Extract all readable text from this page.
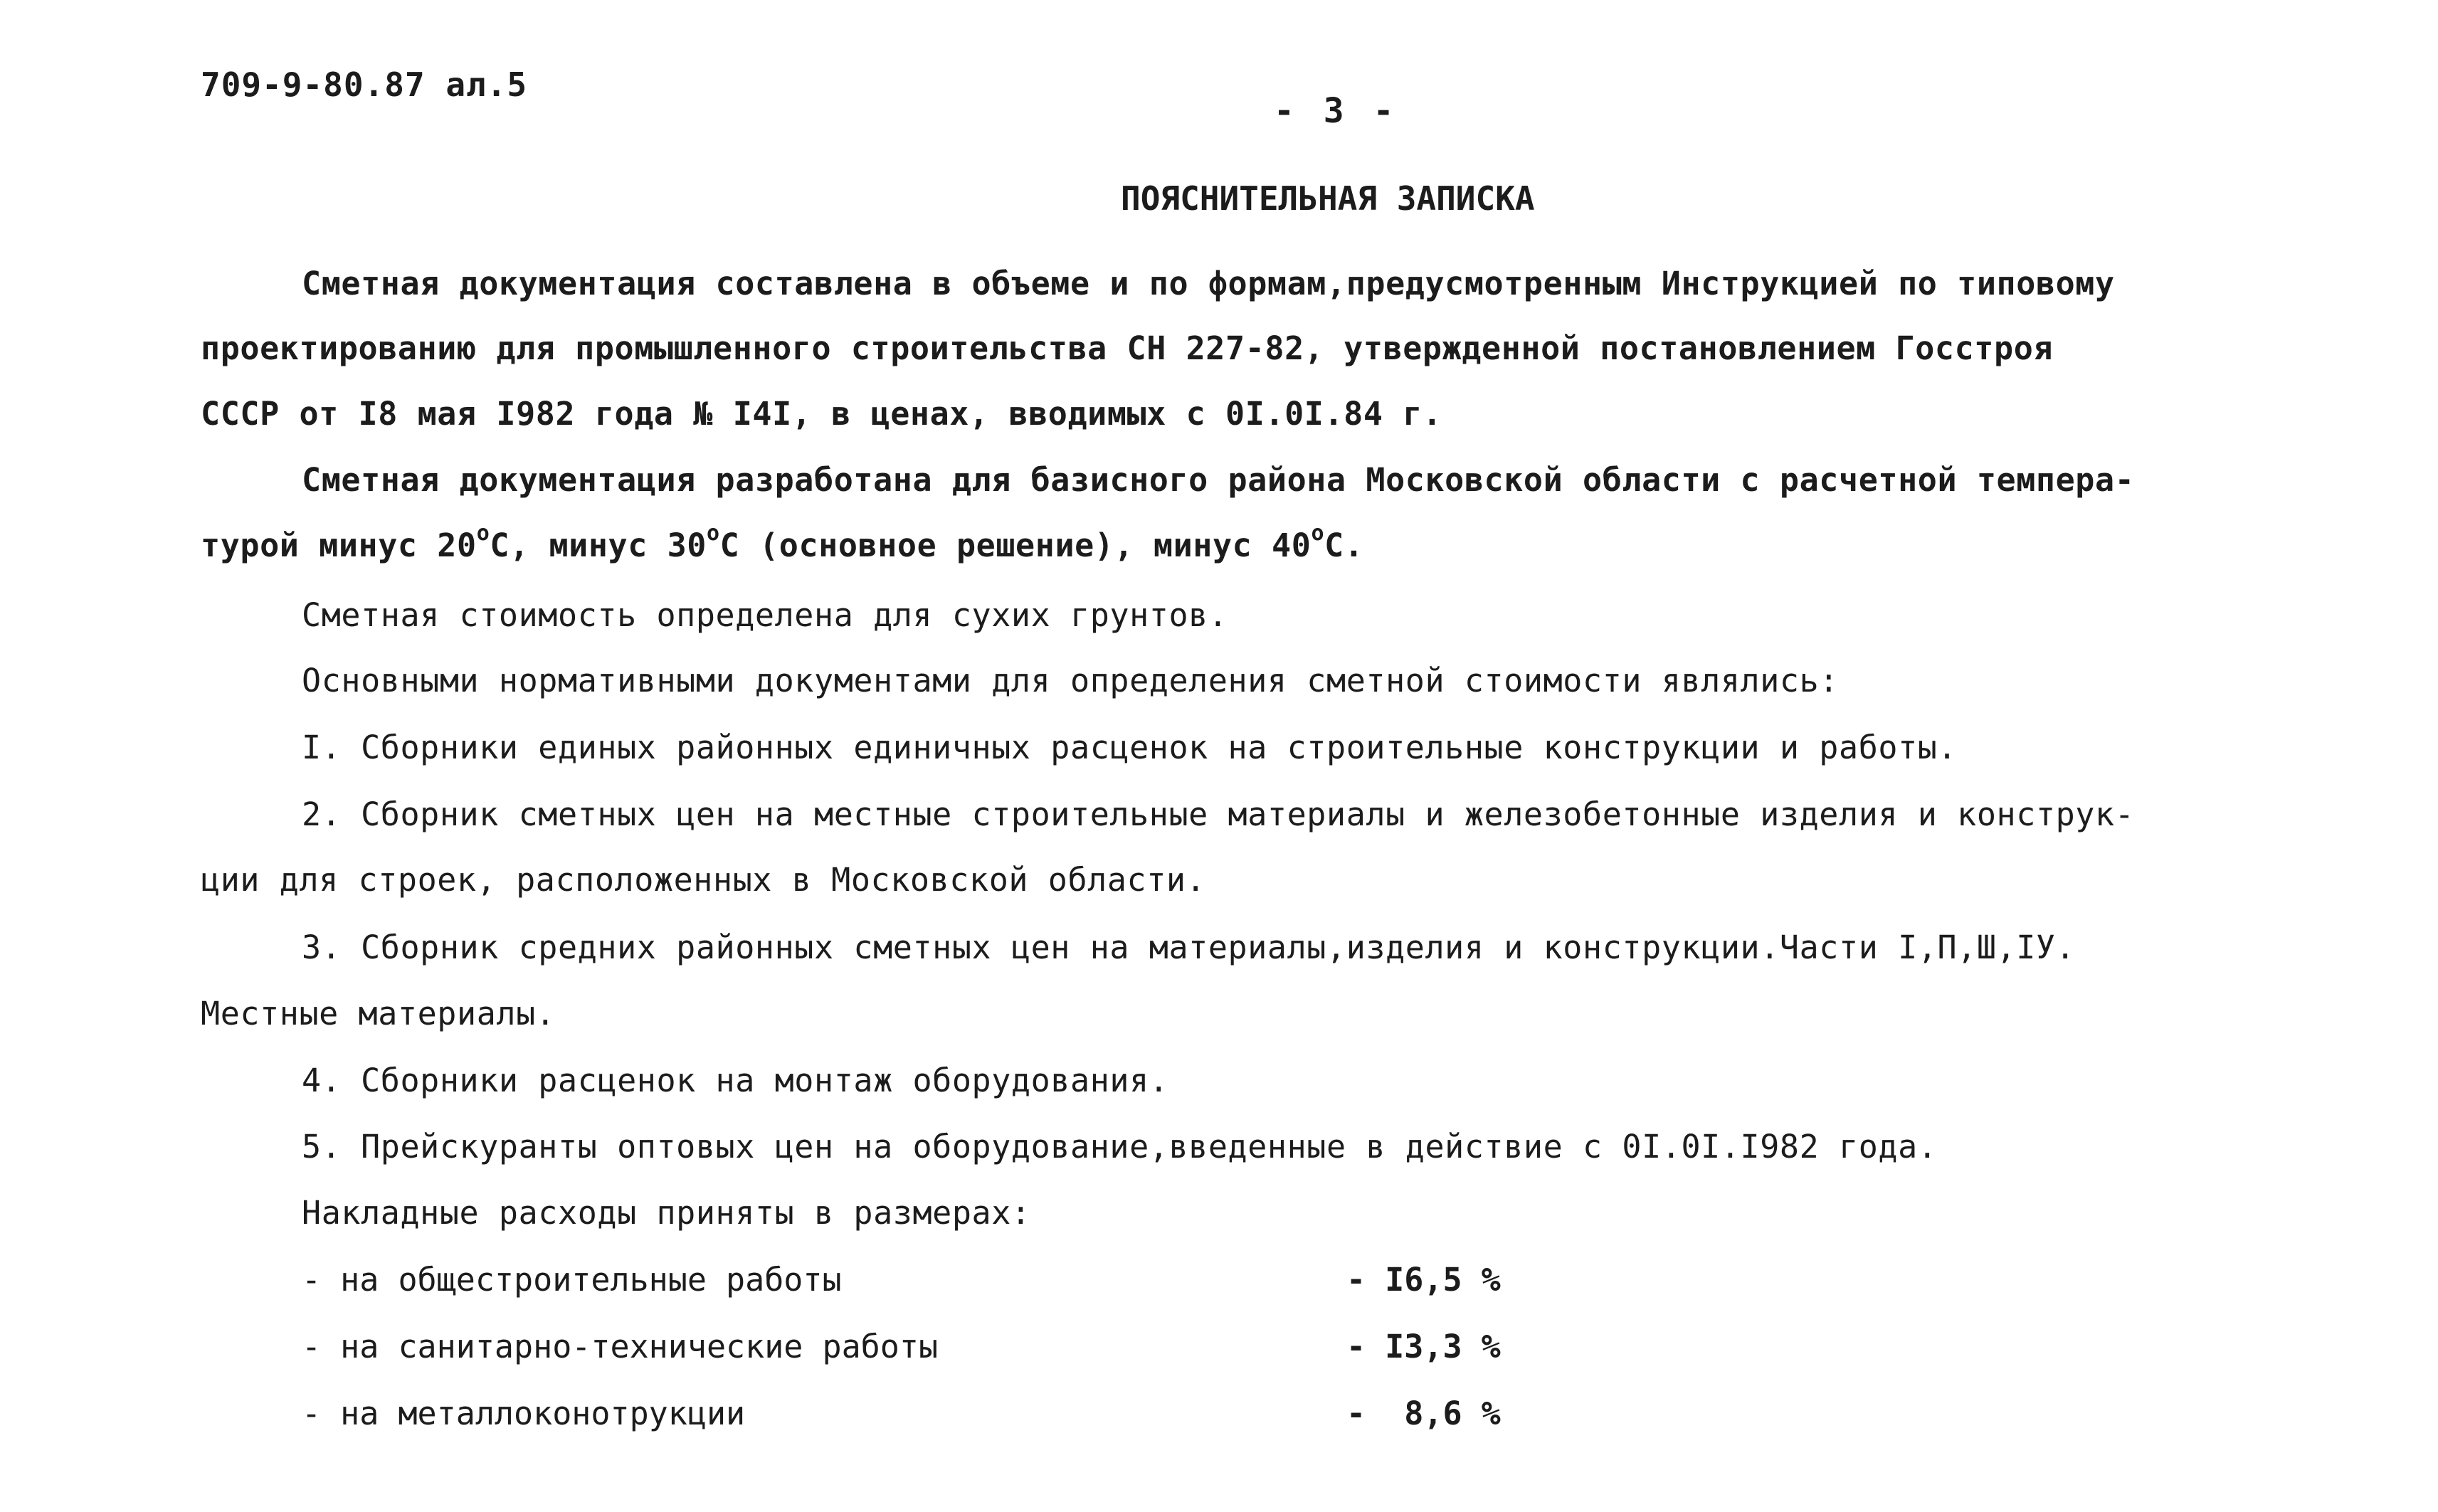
709-9-80.87 ал.5
- 3 -
ПОЯСНИТЕЛЬНАЯ ЗАПИСКА
Сметная документация составлена в объеме и по формам,предусмотренным Инструкцией по типовому
проектированию для промышленного строительства СН 227-82, утвержденной постановлением Госстроя
СССР от I8 мая I982 года № I4I, в ценах, вводимых с 0I.0I.84 г.
Сметная документация разработана для базисного района Московской области с расчетной темпера-
турой минус 20$^o$C, минус 30$^o$C (основное решение), минус 40$^o$C.
Сметная стоимость определена для сухих грунтов.
Основными нормативными документами для определения сметной стоимости являлись:
I. Сборники единых районных единичных расценок на строительные конструкции и работы.
2. Сборник сметных цен на местные строительные материалы и железобетонные изделия и конструк-
ции для строек, расположенных в Московской области.
3. Сборник средних районных сметных цен на материалы,изделия и конструкции.Части I,П,Ш,IУ.
Местные материалы.
4. Сборники расценок на монтаж оборудования.
5. Прейскуранты оптовых цен на оборудование,введенные в действие с 0I.0I.I982 года.
Накладные расходы приняты в размерах:
- на общестроительные работы	- I6,5 %
- на санитарно-технические работы	- I3,3 %
- на металлоконотрукции	-  8,6 %
